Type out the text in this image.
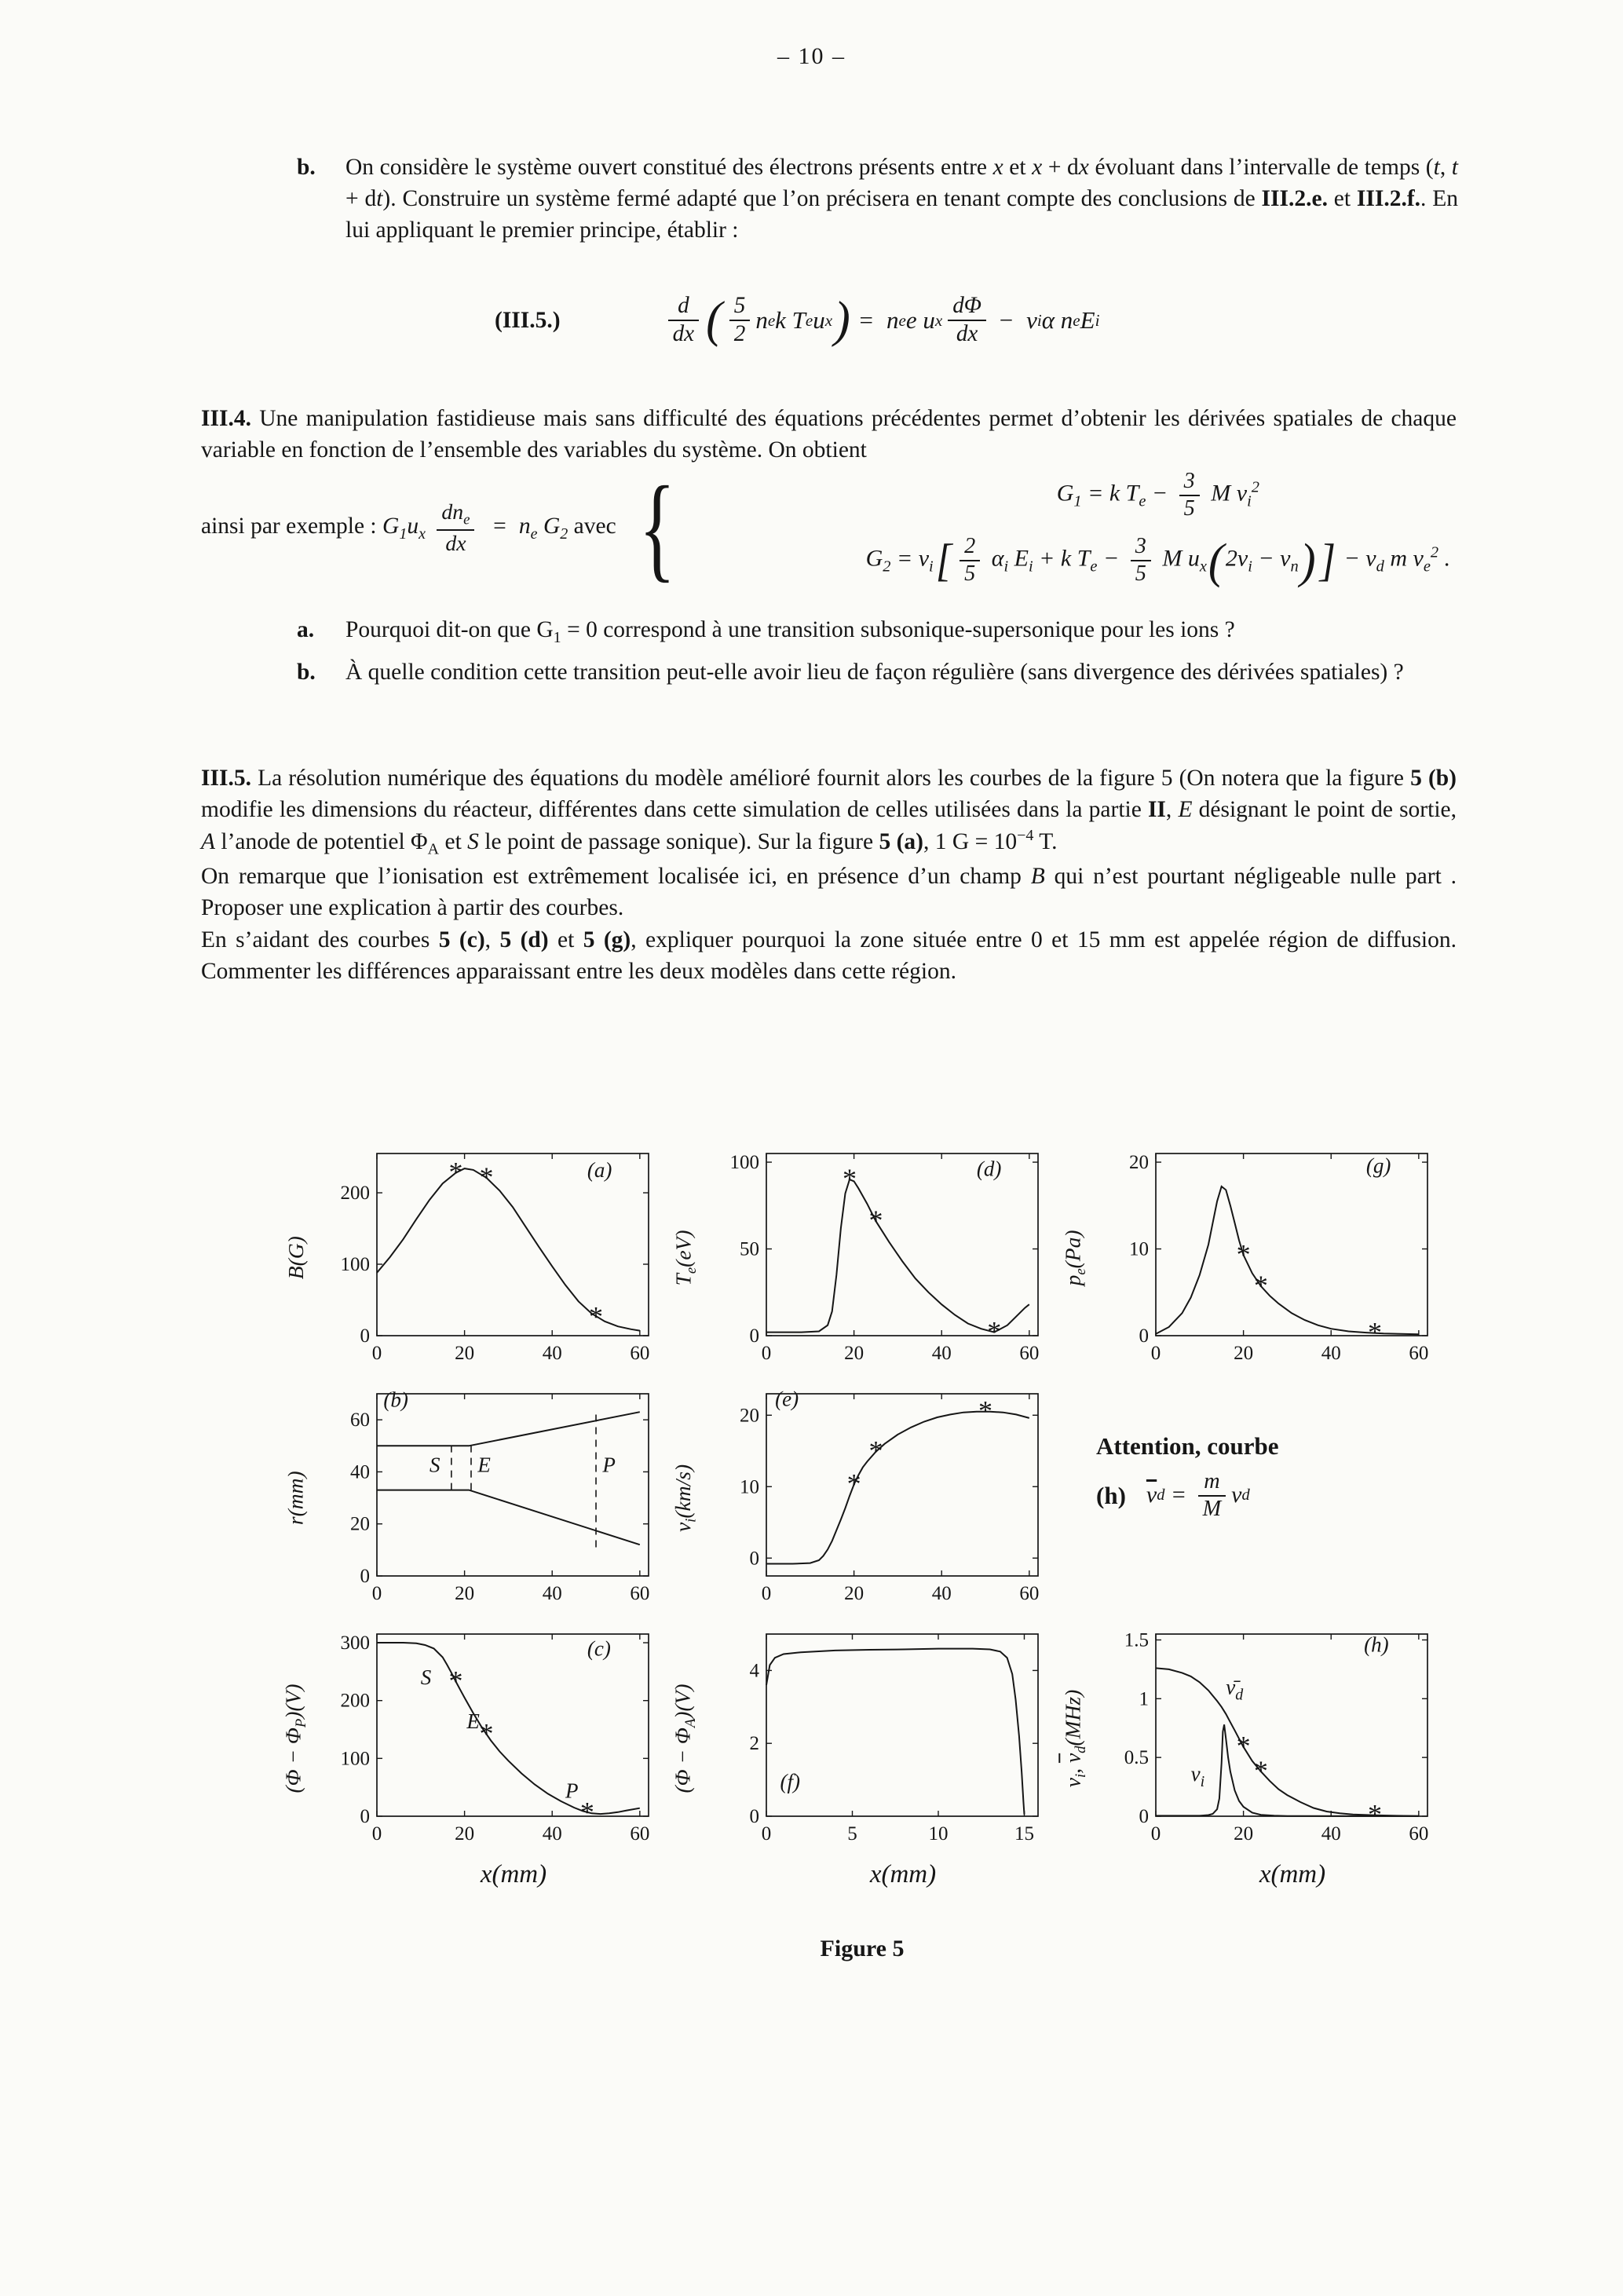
– 10 –
b.	On considère le système ouvert constitué des électrons présents entre x et x + dx évoluant dans l’intervalle de temps (t, t + dt). Construire un système fermé adapté que l’on précisera en tenant compte des conclusions de III.2.e. et III.2.f.. En lui appliquant le premier principe, établir :
(III.5.)	$\frac{d}{dx}$ ( $\frac{5}{2}$ n e k T e u x ) =  n e e u x $\frac{d\Phi}{dx} - \nu$ i α n e E i

III.4. Une manipulation fastidieuse mais sans difficulté des équations précédentes permet d’obtenir les dérivées spatiales de chaque variable en fonction de l’ensemble des variables du système. On obtient

ainsi par exemple : $G_1u_x \frac{dn_e}{dx} = n_e$ $G_2$ avec {	$G_1 = k$ $T_e - \frac{3}{5}$ M $v_i^2$
$G_2 = \nu_i[ \frac{2}{5} \alpha_i$ $E_i + k$ $T_e - \frac{3}{5}$ M $u_x(2v_i - v_n)] - \nu_d$ m $v_e^2$ .
a.	Pourquoi dit-on que $G_1 = 0$ correspond à une transition subsonique-supersonique pour les ions ?
b.	À quelle condition cette transition peut-elle avoir lieu de façon régulière (sans divergence des dérivées spatiales) ?

III.5. La résolution numérique des équations du modèle amélioré fournit alors les courbes de la figure 5 (On notera que la figure 5 (b) modifie les dimensions du réacteur, différentes dans cette simulation de celles utilisées dans la partie II, E désignant le point de sortie, A l’anode de potentiel $\Phi_A$ et S le point de passage sonique). Sur la figure 5 (a), 1 $G = 10^{-4}$ T.

On remarque que l’ionisation est extrêmement localisée ici, en présence d’un champ B qui n’est pourtant négligeable nulle part . Proposer une explication à partir des courbes.

En s’aidant des courbes 5 (c), 5 (d) et 5 (g), expliquer pourquoi la zone située entre 0 et 15 mm est appelée région de diffusion. Commenter les différences apparaissant entre les deux modèles dans cette région.

B(G)
0	20	40	60
0
100
200
* *
*
(a)
$T_e(eV)$
0	20	40	60
0
50
100
*
*
*
(d)
$p_e(Pa)$
0	20	40	60
0
10
20
*
*
*
(g)
r(mm)
0	20	40	60
0
20
40
60
(b)
S E	P
$v_i(km/s)$
0	20	40	60
0
10
20
*
*
*
(e)
Attention, courbe
(h) $\overline{\nu}$ $d = \frac{m}{M}$ ν d
$(\Phi - \Phi_P)(V)$
0	20	40	60
0
100
200
300
*
*
*
S
E
P
(c)
x(mm)
$(\Phi - \Phi_A)(V)$
0	5	10	15
0
2
4
(f)
x(mm)
$\nu_i$, $\overline{\nu}_d(MHz)$
0	20	40	60
0
0.5
1
1.5
*
*
*
$\nū_d$
$\nu_i$
(h)
x(mm)
Figure 5
